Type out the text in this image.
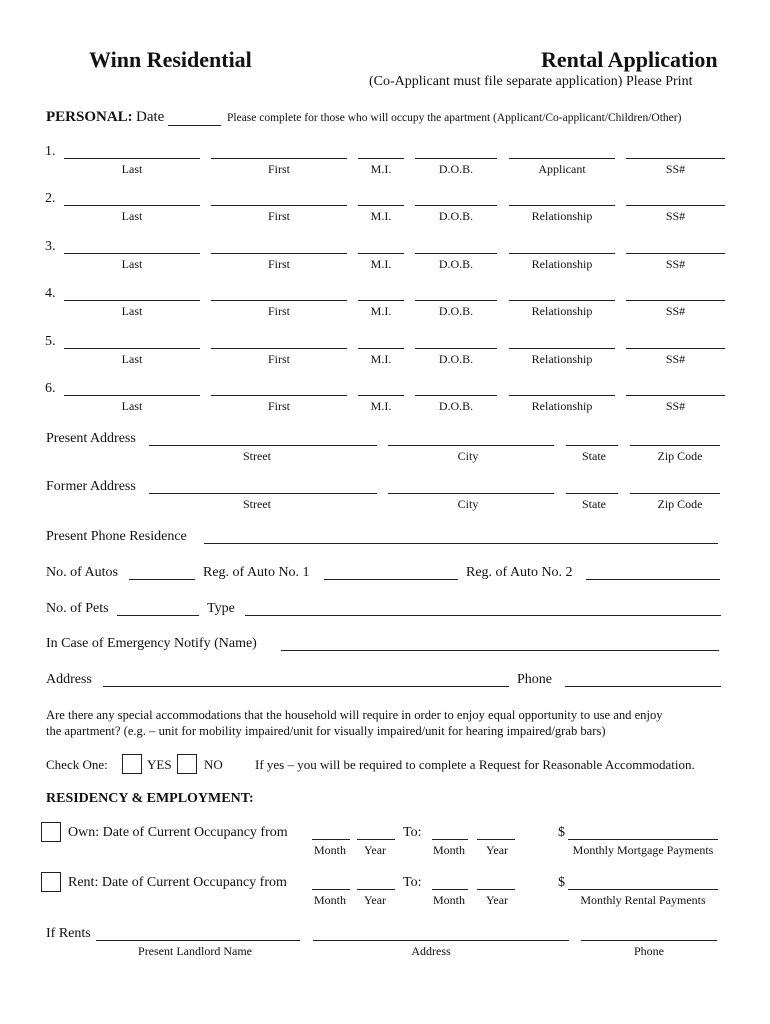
Winn Residential	Rental Application
(Co-Applicant must file separate application) Please Print
PERSONAL: Date	Please complete for those who will occupy the apartment (Applicant/Co-applicant/Children/Other)
1.
Last	First	M.I.	D.O.B.	Applicant	SS#
2.
Last	First	M.I.	D.O.B.	Relationship	SS#
3.
Last	First	M.I.	D.O.B.	Relationship	SS#
4.
Last	First	M.I.	D.O.B.	Relationship	SS#
5.
Last	First	M.I.	D.O.B.	Relationship	SS#
6.
Last	First	M.I.	D.O.B.	Relationship	SS#
Present Address
Street	City	State	Zip Code
Former Address
Street	City	State	Zip Code
Present Phone Residence
No. of Autos	Reg. of Auto No. 1	Reg. of Auto No. 2
No. of Pets	Type
In Case of Emergency Notify (Name)
Address	Phone
Are there any special accommodations that the household will require in order to enjoy equal opportunity to use and enjoy
the apartment? (e.g. – unit for mobility impaired/unit for visually impaired/unit for hearing impaired/grab bars)
Check One:	YES NO If yes – you will be required to complete a Request for Reasonable Accommodation.
RESIDENCY & EMPLOYMENT:
Own: Date of Current Occupancy from	To:	$
Month	Year	Month	Year	Monthly Mortgage Payments
Rent: Date of Current Occupancy from	To:	$
Month	Year	Month	Year	Monthly Rental Payments
If Rents
Present Landlord Name	Address	Phone
